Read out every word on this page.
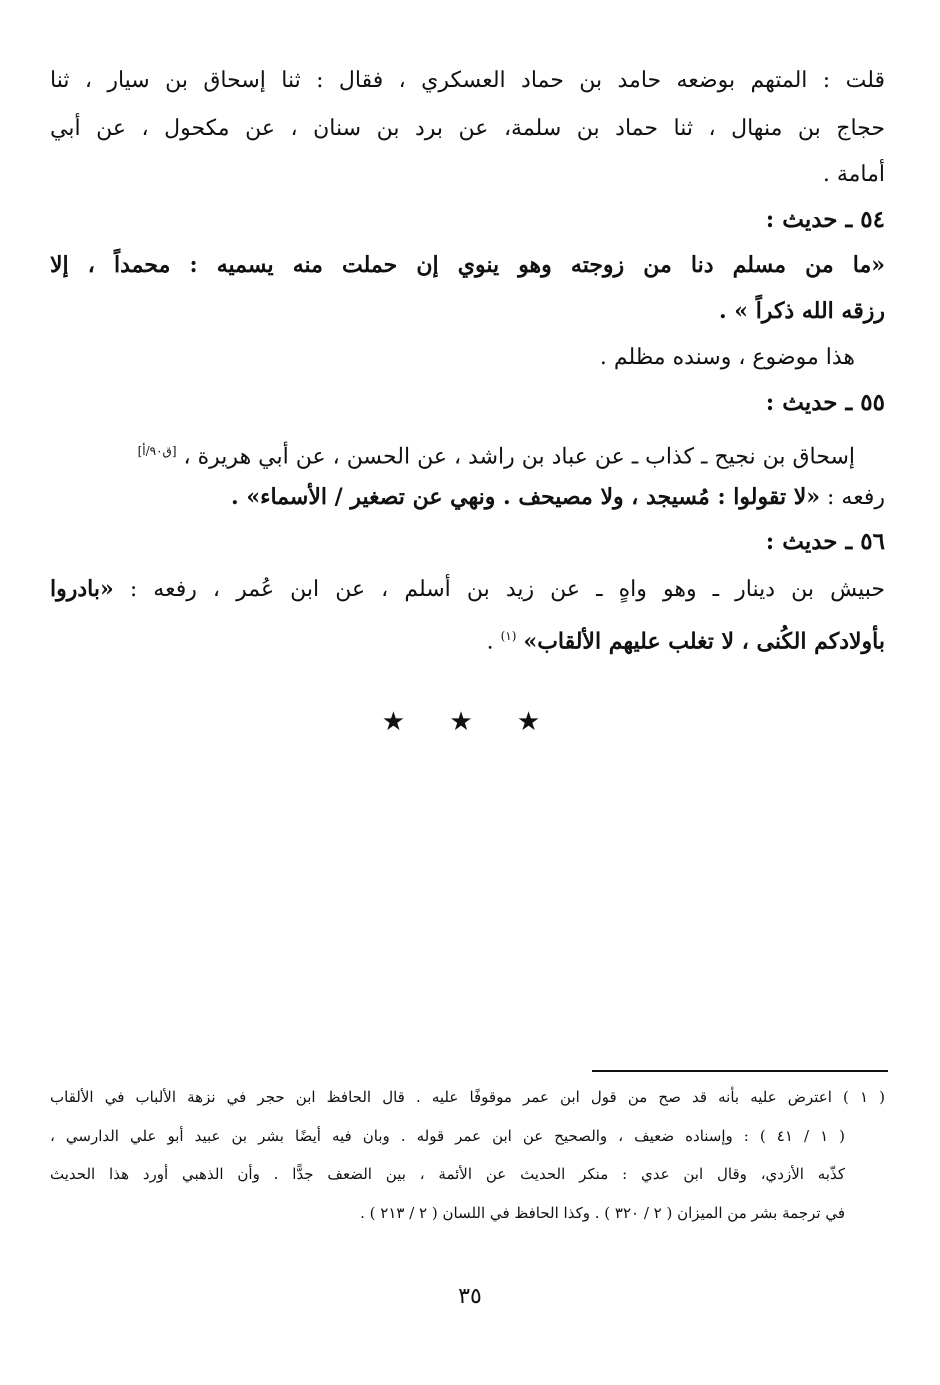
قلت : المتهم بوضعه حامد بن حماد العسكري ، فقال : ثنا إسحاق بن سيار ، ثنا
حجاج بن منهال ، ثنا حماد بن سلمة، عن برد بن سنان ، عن مكحول ، عن أبي
أمامة .
٥٤ ـ حديث :
«ما من مسلم دنا من زوجته وهو ينوي إن حملت منه يسميه : محمداً ، إلا
رزقه الله ذكراً » .
هذا موضوع ، وسنده مظلم .
٥٥ ـ حديث :
إسحاق بن نجيح ـ كذاب ـ عن عباد بن راشد ، عن الحسن ، عن أبي هريرة ، [ق٩٠/أ]
رفعه : «لا تقولوا : مُسيجد ، ولا مصيحف . ونهي عن تصغير / الأسماء» .
٥٦ ـ حديث :
حبيش بن دينار ـ وهو واهٍ ـ عن زيد بن أسلم ، عن ابن عُمر ، رفعه : «بادروا
بأولادكم الكُنى ، لا تغلب عليهم الألقاب» $^{(١)}$ .
★ ★ ★
( ١ ) اعترض عليه بأنه قد صح من قول ابن عمر موقوفًا عليه . قال الحافظ ابن حجر في نزهة الألباب في الألقاب
( ١ / ٤١ ) : وإسناده ضعيف ، والصحيح عن ابن عمر قوله . وبان فيه أيضًا بشر بن عبيد أبو علي الدارسي ،
كذّبه الأزدي، وقال ابن عدي : منكر الحديث عن الأئمة ، بين الضعف جدًّا . وأن الذهبي أورد هذا الحديث
في ترجمة بشر من الميزان ( ٢ / ٣٢٠ ) . وكذا الحافظ في اللسان ( ٢ / ٢١٣ ) .
٣٥
